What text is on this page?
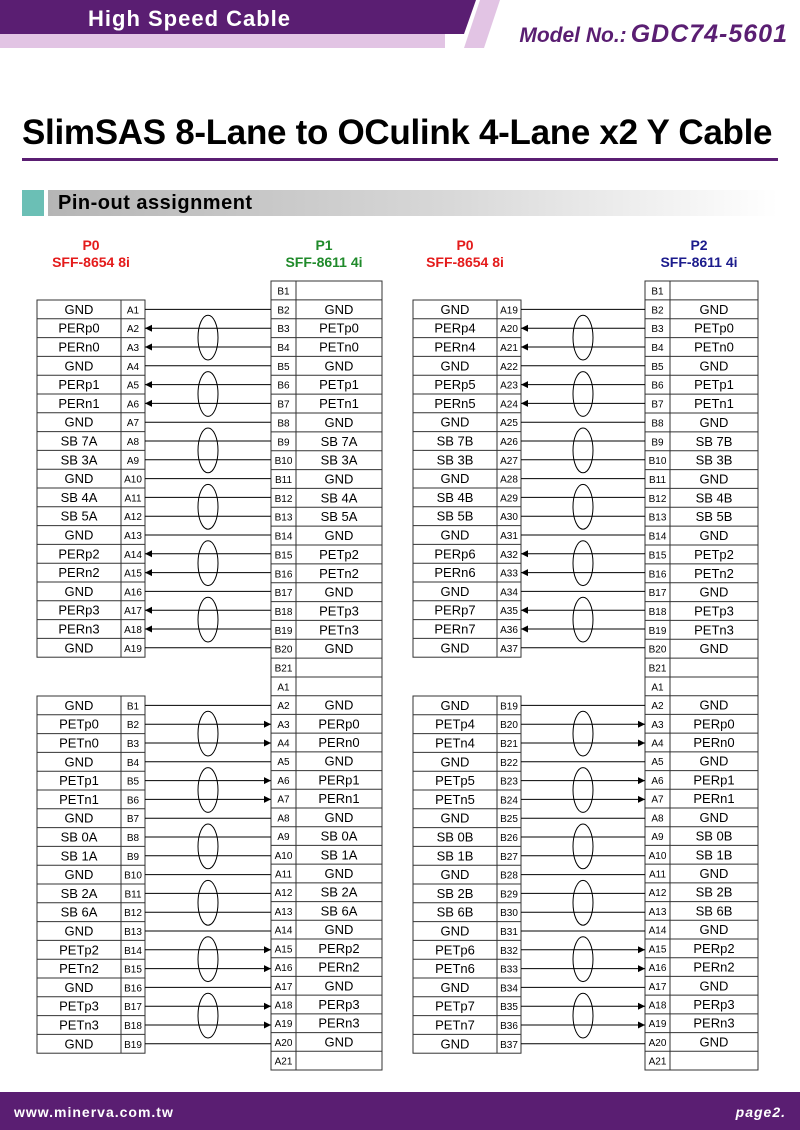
High Speed Cable
Model No.: GDC74-5601
SlimSAS 8-Lane to OCulink 4-Lane x2 Y Cable
Pin-out assignment
P0
SFF-8654 8i
P1
SFF-8611 4i
P0
SFF-8654 8i
P2
SFF-8611 4i
GND	A1
PERp0	A2
PERn0	A3
GND	A4
PERp1	A5
PERn1	A6
GND	A7
SB 7A	A8
SB 3A	A9
GND	A10
SB 4A	A11
SB 5A	A12
GND	A13
PERp2 A14
PERn2 A15
GND	A16
PERp3 A17
PERn3 A18
GND	A19
GND	B1
PETp0	B2
PETn0	B3
GND	B4
PETp1	B5
PETn1	B6
GND	B7
SB 0A	B8
SB 1A	B9
GND	B10
SB 2A	B11
SB 6A	B12
GND	B13
PETp2	B14
PETn2	B15
GND	B16
PETp3	B17
PETn3	B18
GND	B19
GND	A19
PERp4 A20
PERn4 A21
GND	A22
PERp5 A23
PERn5 A24
GND	A25
SB 7B	A26
SB 3B	A27
GND	A28
SB 4B	A29
SB 5B	A30
GND	A31
PERp6 A32
PERn6 A33
GND	A34
PERp7 A35
PERn7 A36
GND	A37
GND	B19
PETp4	B20
PETn4	B21
GND	B22
PETp5	B23
PETn5	B24
GND	B25
SB 0B	B26
SB 1B	B27
GND	B28
SB 2B	B29
SB 6B	B30
GND	B31
PETp6	B32
PETn6	B33
GND	B34
PETp7	B35
PETn7	B36
GND	B37
B1
B2	GND
B3 PETp0
B4 PETn0
B5	GND
B6 PETp1
B7 PETn1
B8	GND
B9 SB 7A
B10 SB 3A
B11	GND
B12 SB 4A
B13 SB 5A
B14 GND
B15 PETp2
B16 PETn2
B17 GND
B18 PETp3
B19 PETn3
B20 GND
B21
A1
A2	GND
A3 PERp0
A4 PERn0
A5	GND
A6 PERp1
A7 PERn1
A8	GND
A9 SB 0A
A10 SB 1A
A11	GND
A12 SB 2A
A13 SB 6A
A14 GND
A15 PERp2
A16 PERn2
A17 GND
A18 PERp3
A19 PERn3
A20 GND
A21
B1
B2	GND
B3 PETp0
B4 PETn0
B5	GND
B6 PETp1
B7 PETn1
B8	GND
B9 SB 7B
B10 SB 3B
B11	GND
B12 SB 4B
B13 SB 5B
B14	GND
B15 PETp2
B16 PETn2
B17	GND
B18 PETp3
B19 PETn3
B20	GND
B21
A1
A2	GND
A3 PERp0
A4 PERn0
A5	GND
A6 PERp1
A7 PERn1
A8	GND
A9 SB 0B
A10 SB 1B
A11	GND
A12 SB 2B
A13 SB 6B
A14	GND
A15 PERp2
A16 PERn2
A17	GND
A18 PERp3
A19 PERn3
A20	GND
A21
www.minerva.com.tw	page2.
